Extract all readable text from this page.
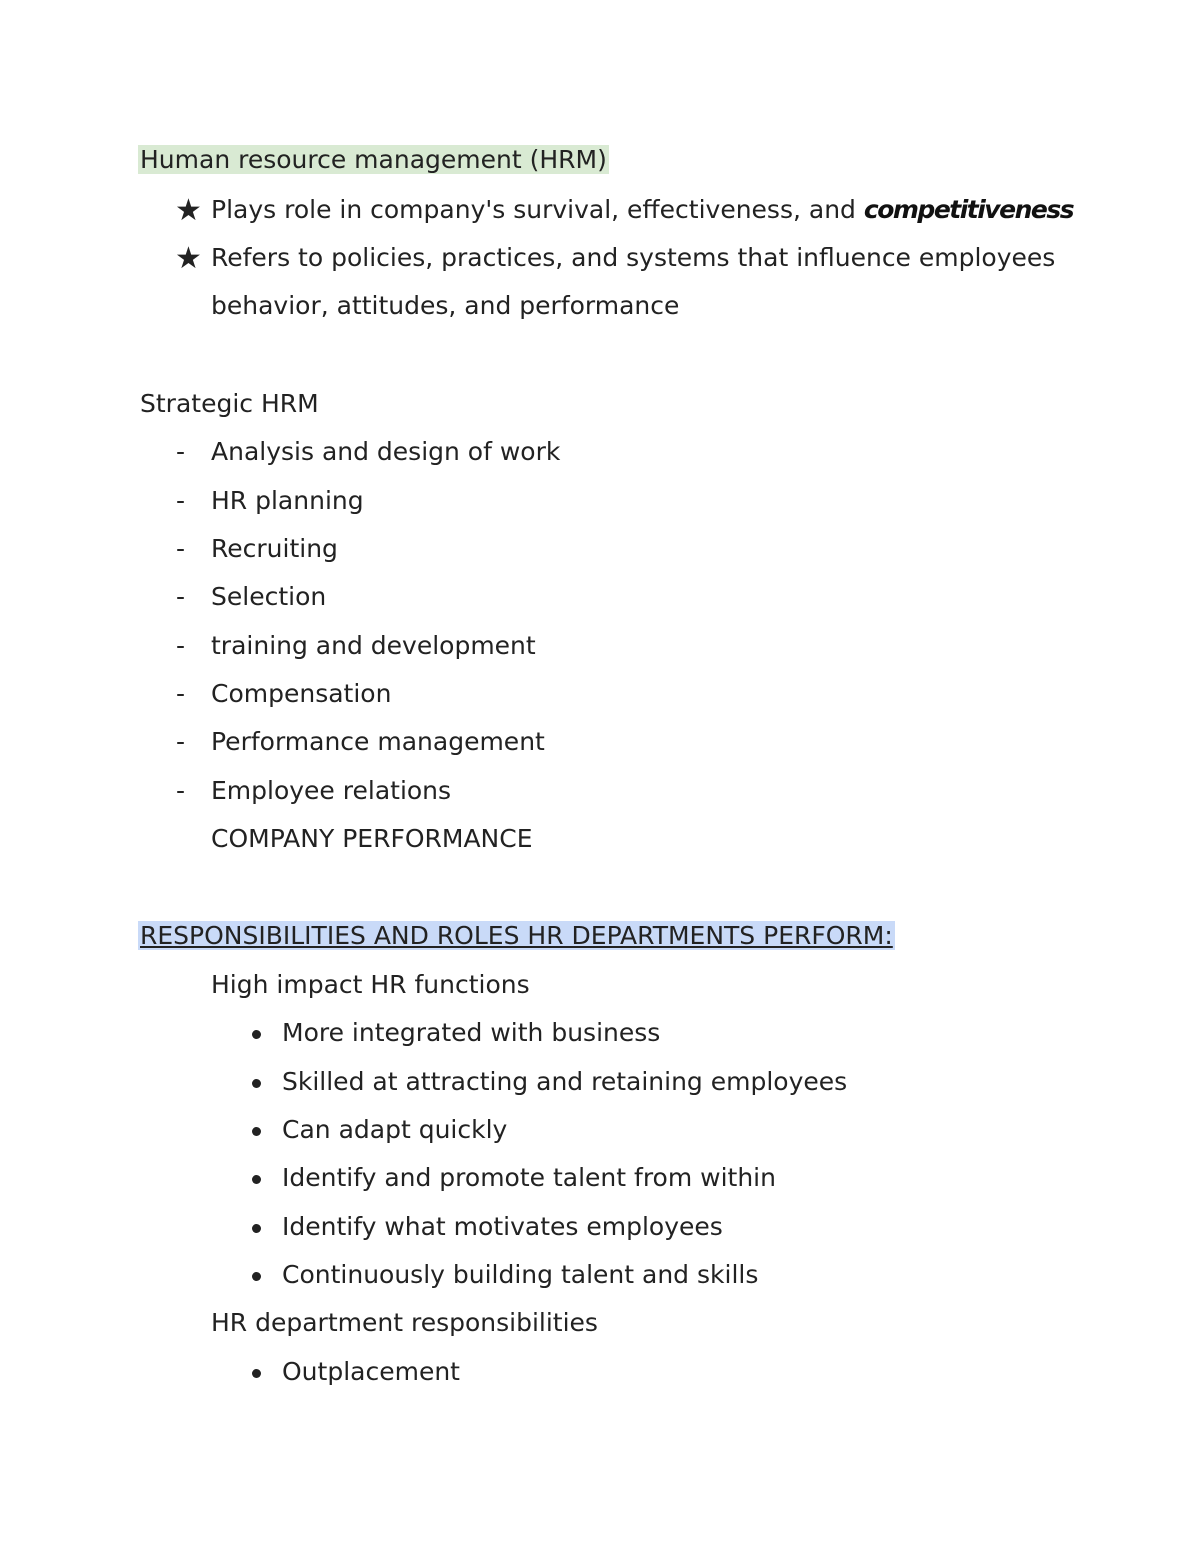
Human resource management (HRM)
★ Plays role in company's survival, effectiveness, and competitiveness
★ Refers to policies, practices, and systems that influence employees
behavior, attitudes, and performance
Strategic HRM
- Analysis and design of work
- HR planning
- Recruiting
- Selection
- training and development
- Compensation
- Performance management
- Employee relations
COMPANY PERFORMANCE
RESPONSIBILITIES AND ROLES HR DEPARTMENTS PERFORM:
High impact HR functions
More integrated with business
Skilled at attracting and retaining employees
Can adapt quickly
Identify and promote talent from within
Identify what motivates employees
Continuously building talent and skills
HR department responsibilities
Outplacement
